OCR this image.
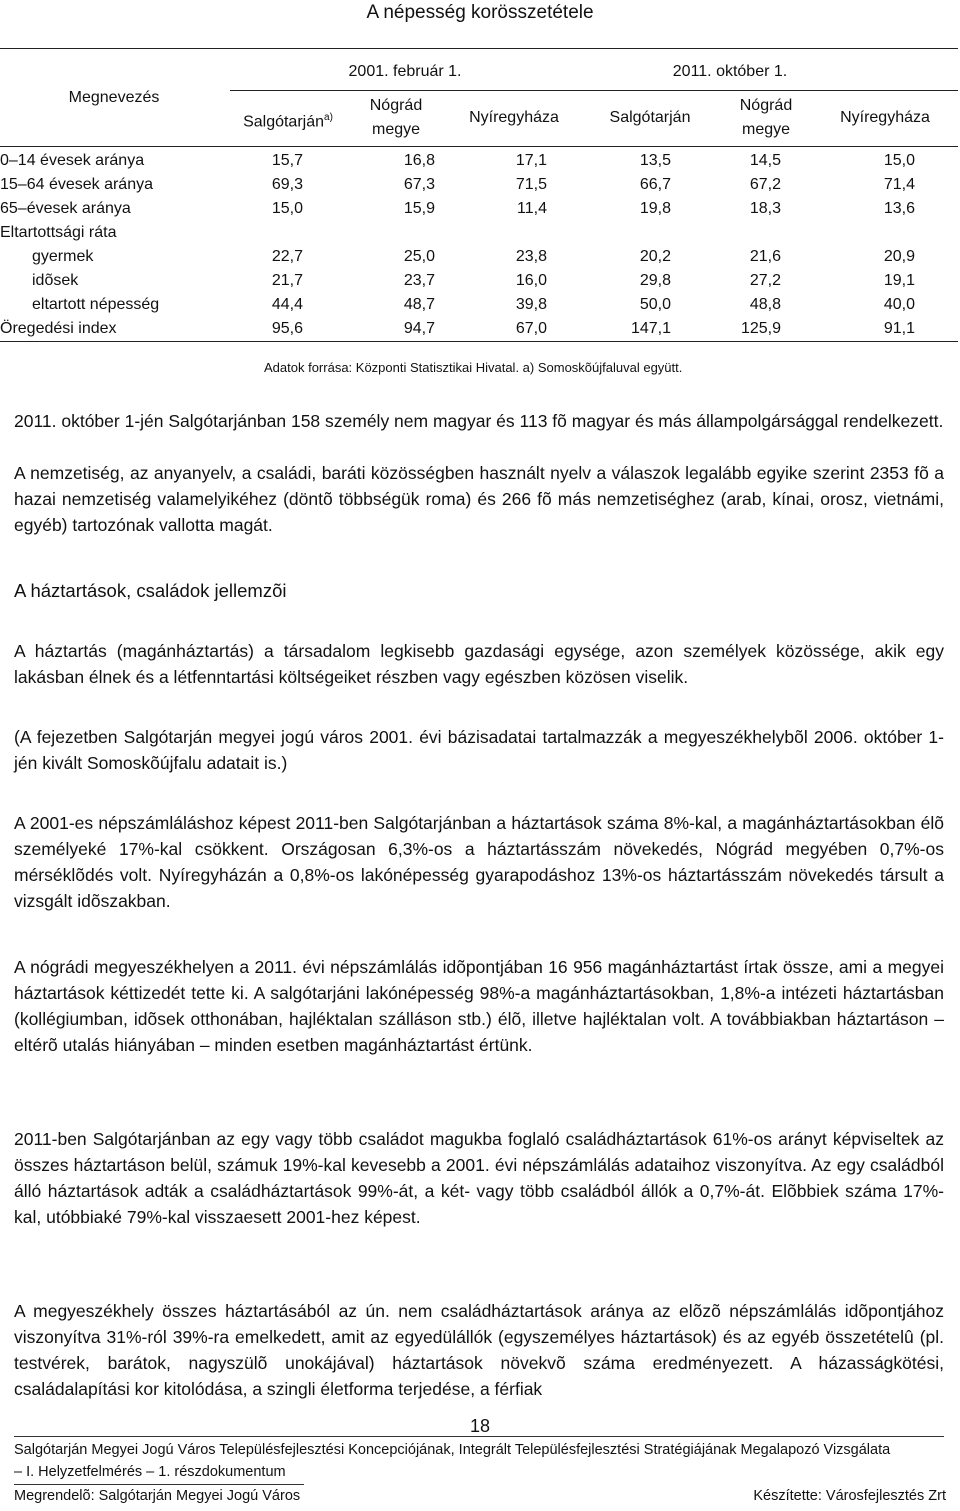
A népesség korösszetétele
Megnevezés
2001. február 1.	2011. október 1.
Salgótarján$^{a)}$
Nógrád megye
Nyíregyháza	Salgótarján
Nógrád megye
Nyíregyháza
0–14 évesek aránya	15,7	16,8	17,1	13,5	14,5	15,0
15–64 évesek aránya	69,3	67,3	71,5	66,7	67,2	71,4
65–évesek aránya	15,0	15,9	11,4	19,8	18,3	13,6
Eltartottsági ráta
gyermek	22,7	25,0	23,8	20,2	21,6	20,9
idõsek	21,7	23,7	16,0	29,8	27,2	19,1
eltartott népesség	44,4	48,7	39,8	50,0	48,8	40,0
Öregedési index	95,6	94,7	67,0	147,1	125,9	91,1
Adatok forrása: Központi Statisztikai Hivatal. a) Somoskõújfaluval együtt.
2011. október 1-jén Salgótarjánban 158 személy nem magyar és 113 fõ magyar és más állampolgársággal rendelkezett.
A nemzetiség, az anyanyelv, a családi, baráti közösségben használt nyelv a válaszok legalább egyike szerint 2353 fõ a hazai nemzetiség valamelyikéhez (döntõ többségük roma) és 266 fõ más nemzetiséghez (arab, kínai, orosz, vietnámi, egyéb) tartozónak vallotta magát.
A háztartások, családok jellemzõi
A háztartás (magánháztartás) a társadalom legkisebb gazdasági egysége, azon személyek közössége, akik egy lakásban élnek és a létfenntartási költségeiket részben vagy egészben közösen viselik.
(A fejezetben Salgótarján megyei jogú város 2001. évi bázisadatai tartalmazzák a megyeszékhelybõl 2006. október 1-jén kivált Somoskõújfalu adatait is.)
A 2001-es népszámláláshoz képest 2011-ben Salgótarjánban a háztartások száma 8%-kal, a magánháztartásokban élõ személyeké 17%-kal csökkent. Országosan 6,3%-os a háztartásszám növekedés, Nógrád megyében 0,7%-os mérséklõdés volt. Nyíregyházán a 0,8%-os lakónépesség gyarapodáshoz 13%-os háztartásszám növekedés társult a vizsgált idõszakban.
A nógrádi megyeszékhelyen a 2011. évi népszámlálás idõpontjában 16 956 magánháztartást írtak össze, ami a megyei háztartások kéttizedét tette ki. A salgótarjáni lakónépesség 98%-a magánháztartásokban, 1,8%-a intézeti háztartásban (kollégiumban, idõsek otthonában, hajléktalan szálláson stb.) élõ, illetve hajléktalan volt. A továbbiakban háztartáson – eltérõ utalás hiányában – minden esetben magánháztartást értünk.
2011-ben Salgótarjánban az egy vagy több családot magukba foglaló családháztartások 61%-os arányt képviseltek az összes háztartáson belül, számuk 19%-kal kevesebb a 2001. évi népszámlálás adataihoz viszonyítva. Az egy családból álló háztartások adták a családháztartások 99%-át, a két- vagy több családból állók a 0,7%-át. Elõbbiek száma 17%-kal, utóbbiaké 79%-kal visszaesett 2001-hez képest.
A megyeszékhely összes háztartásából az ún. nem családháztartások aránya az elõzõ népszámlálás idõpontjához viszonyítva 31%-ról 39%-ra emelkedett, amit az egyedülállók (egyszemélyes háztartások) és az egyéb összetételû (pl. testvérek, barátok, nagyszülõ unokájával) háztartások növekvõ száma eredményezett. A házasságkötési, családalapítási kor kitolódása, a szingli életforma terjedése, a férfiak
18
Salgótarján Megyei Jogú Város Településfejlesztési Koncepciójának, Integrált Településfejlesztési Stratégiájának Megalapozó Vizsgálata
– I. Helyzetfelmérés – 1. részdokumentum
Megrendelõ: Salgótarján Megyei Jogú Város	Készítette: Városfejlesztés Zrt
